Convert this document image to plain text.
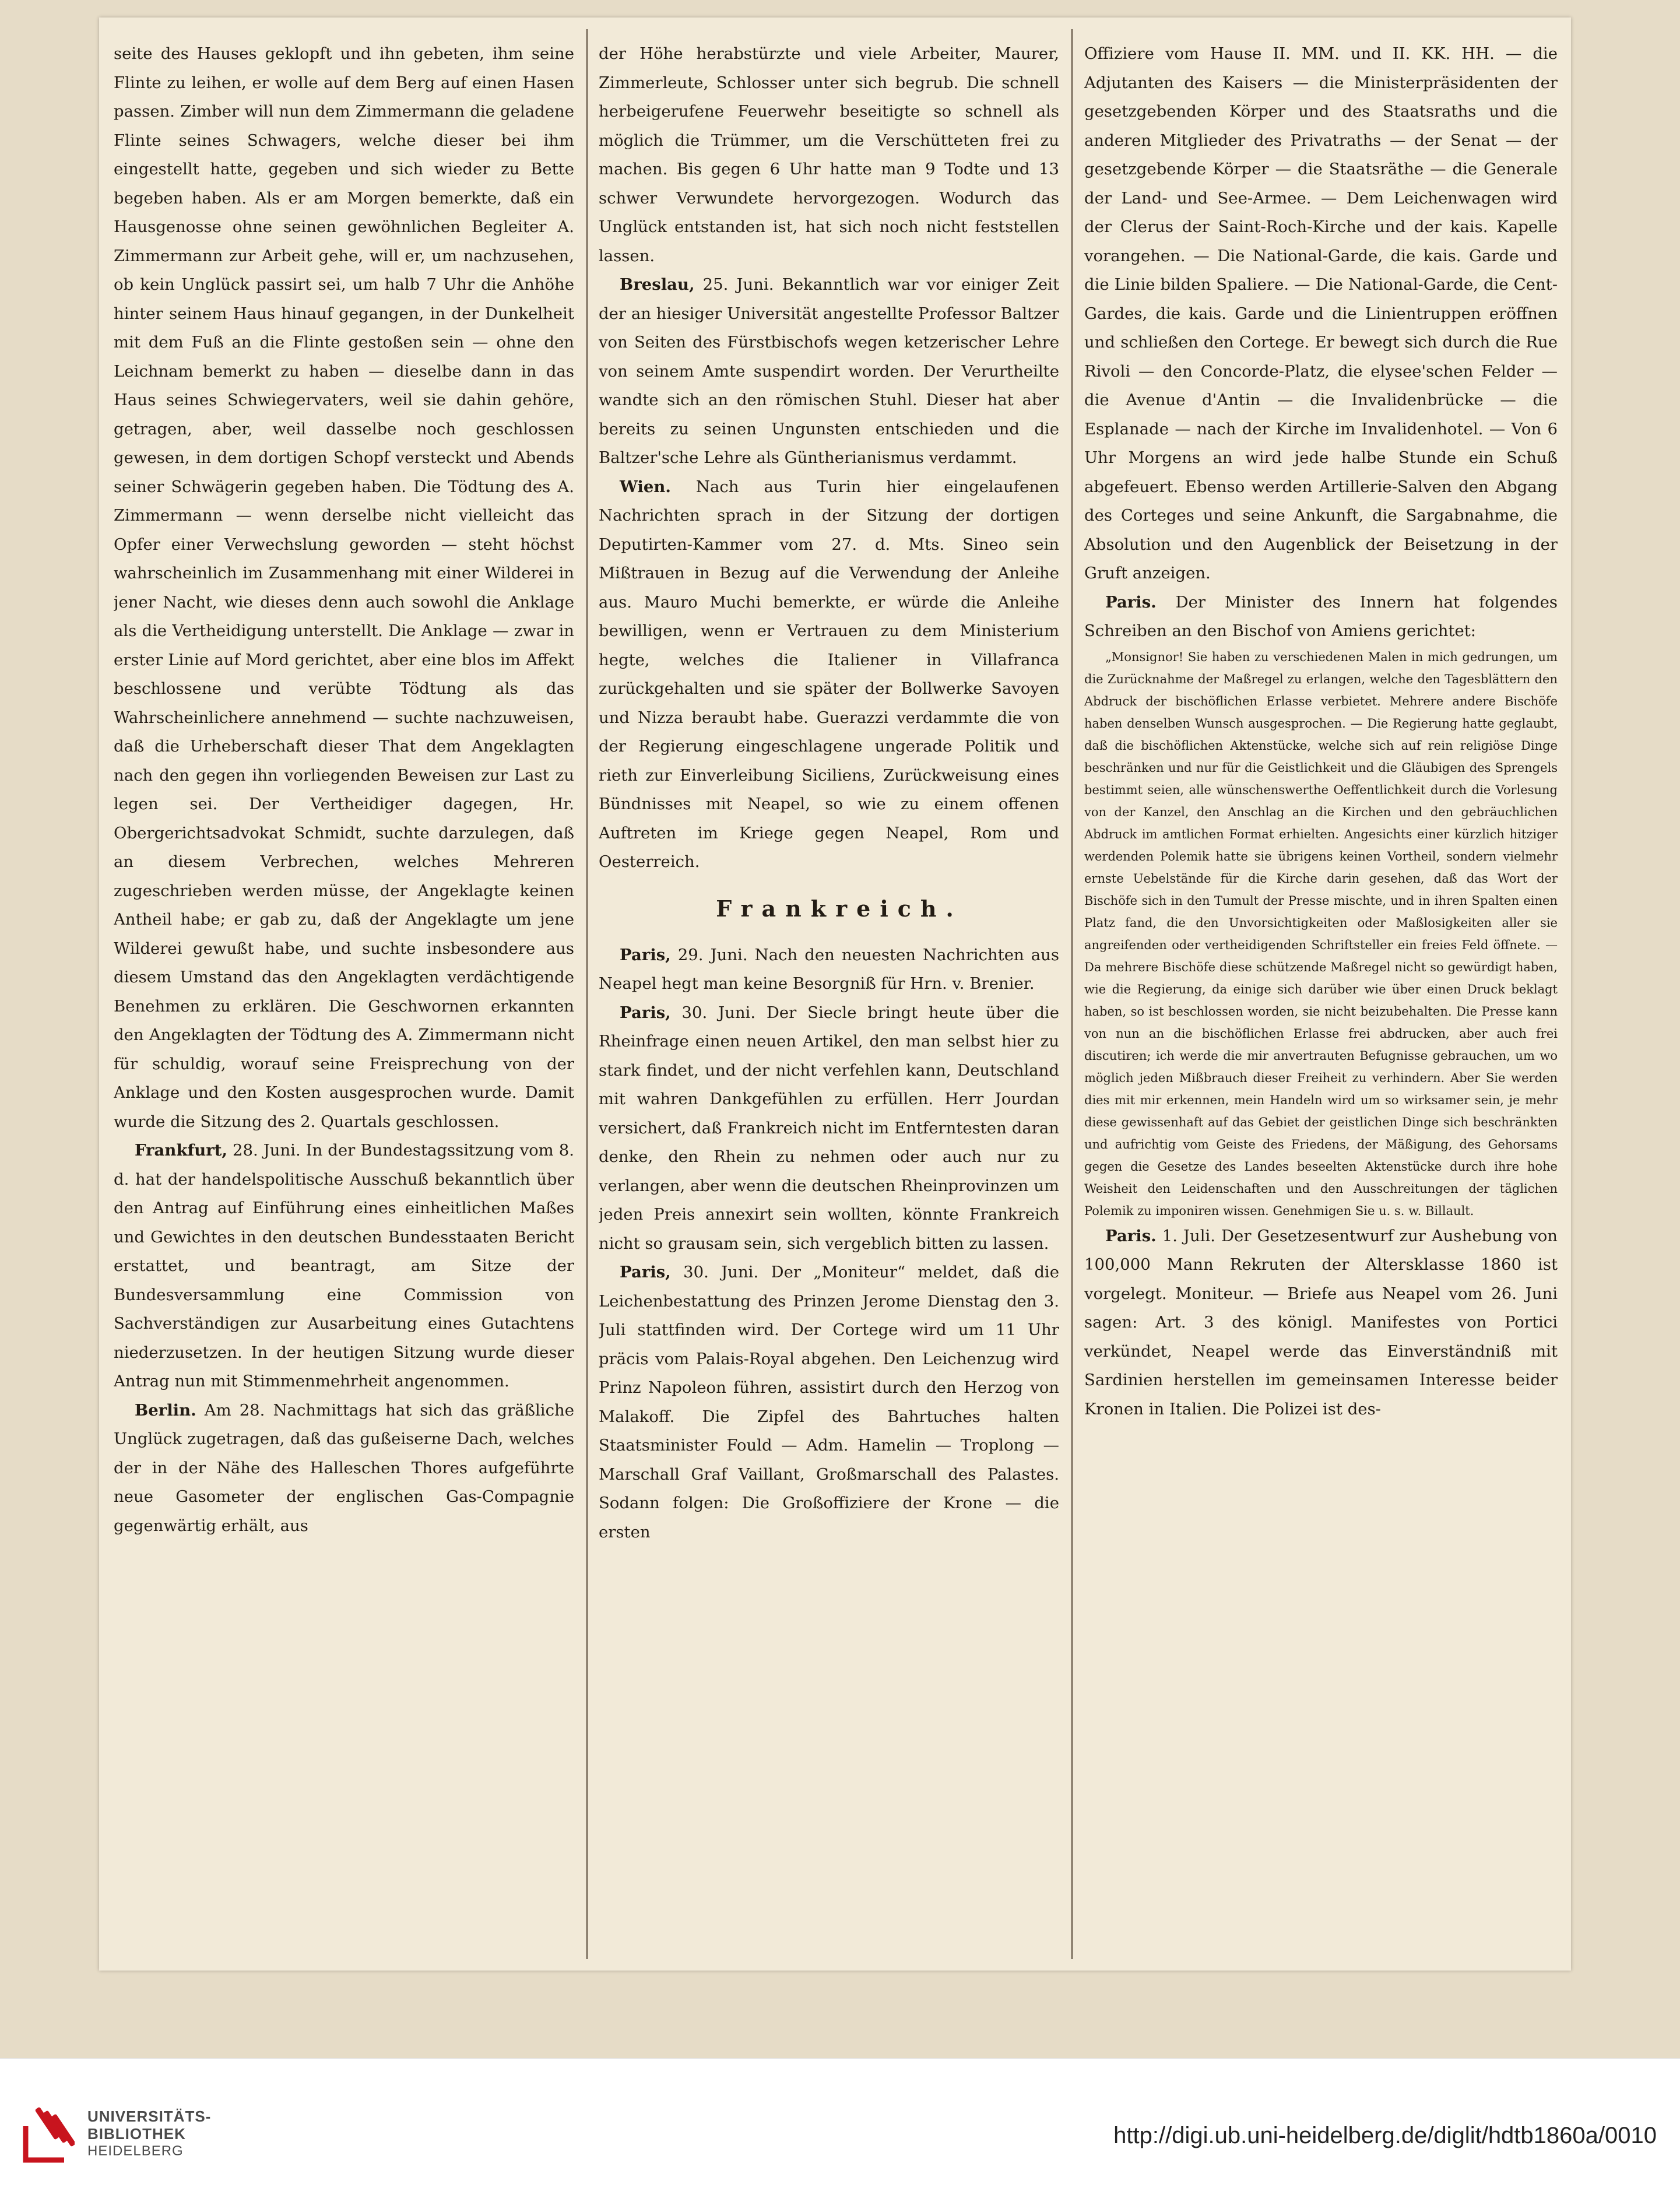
seite des Hauses geklopft und ihn gebeten, ihm seine Flinte zu leihen, er wolle auf dem Berg auf einen Hasen passen. Zimber will nun dem Zimmermann die geladene Flinte seines Schwagers, welche dieser bei ihm eingestellt hatte, gegeben und sich wieder zu Bette begeben haben. Als er am Morgen bemerkte, daß ein Hausgenosse ohne seinen gewöhnlichen Begleiter A. Zimmermann zur Arbeit gehe, will er, um nachzusehen, ob kein Unglück passirt sei, um halb 7 Uhr die Anhöhe hinter seinem Haus hinauf gegangen, in der Dunkelheit mit dem Fuß an die Flinte gestoßen sein — ohne den Leichnam bemerkt zu haben — dieselbe dann in das Haus seines Schwiegervaters, weil sie dahin gehöre, getragen, aber, weil dasselbe noch geschlossen gewesen, in dem dortigen Schopf versteckt und Abends seiner Schwägerin gegeben haben. Die Tödtung des A. Zimmermann — wenn derselbe nicht vielleicht das Opfer einer Verwechslung geworden — steht höchst wahrscheinlich im Zusammenhang mit einer Wilderei in jener Nacht, wie dieses denn auch sowohl die Anklage als die Vertheidigung unterstellt. Die Anklage — zwar in erster Linie auf Mord gerichtet, aber eine blos im Affekt beschlossene und verübte Tödtung als das Wahrscheinlichere annehmend — suchte nachzuweisen, daß die Urheberschaft dieser That dem Angeklagten nach den gegen ihn vorliegenden Beweisen zur Last zu legen sei. Der Vertheidiger dagegen, Hr. Obergerichtsadvokat Schmidt, suchte darzulegen, daß an diesem Verbrechen, welches Mehreren zugeschrieben werden müsse, der Angeklagte keinen Antheil habe; er gab zu, daß der Angeklagte um jene Wilderei gewußt habe, und suchte insbesondere aus diesem Umstand das den Angeklagten verdächtigende Benehmen zu erklären. Die Geschwornen erkannten den Angeklagten der Tödtung des A. Zimmermann nicht für schuldig, worauf seine Freisprechung von der Anklage und den Kosten ausgesprochen wurde. Damit wurde die Sitzung des 2. Quartals geschlossen.

Frankfurt, 28. Juni. In der Bundestagssitzung vom 8. d. hat der handelspolitische Ausschuß bekanntlich über den Antrag auf Einführung eines einheitlichen Maßes und Gewichtes in den deutschen Bundesstaaten Bericht erstattet, und beantragt, am Sitze der Bundesversammlung eine Commission von Sachverständigen zur Ausarbeitung eines Gutachtens niederzusetzen. In der heutigen Sitzung wurde dieser Antrag nun mit Stimmenmehrheit angenommen.

Berlin. Am 28. Nachmittags hat sich das gräßliche Unglück zugetragen, daß das gußeiserne Dach, welches der in der Nähe des Halleschen Thores aufgeführte neue Gasometer der englischen Gas-Compagnie gegenwärtig erhält, aus

der Höhe herabstürzte und viele Arbeiter, Maurer, Zimmerleute, Schlosser unter sich begrub. Die schnell herbeigerufene Feuerwehr beseitigte so schnell als möglich die Trümmer, um die Verschütteten frei zu machen. Bis gegen 6 Uhr hatte man 9 Todte und 13 schwer Verwundete hervorgezogen. Wodurch das Unglück entstanden ist, hat sich noch nicht feststellen lassen.

Breslau, 25. Juni. Bekanntlich war vor einiger Zeit der an hiesiger Universität angestellte Professor Baltzer von Seiten des Fürstbischofs wegen ketzerischer Lehre von seinem Amte suspendirt worden. Der Verurtheilte wandte sich an den römischen Stuhl. Dieser hat aber bereits zu seinen Ungunsten entschieden und die Baltzer'sche Lehre als Güntherianismus verdammt.

Wien. Nach aus Turin hier eingelaufenen Nachrichten sprach in der Sitzung der dortigen Deputirten-Kammer vom 27. d. Mts. Sineo sein Mißtrauen in Bezug auf die Verwendung der Anleihe aus. Mauro Muchi bemerkte, er würde die Anleihe bewilligen, wenn er Vertrauen zu dem Ministerium hegte, welches die Italiener in Villafranca zurückgehalten und sie später der Bollwerke Savoyen und Nizza beraubt habe. Guerazzi verdammte die von der Regierung eingeschlagene ungerade Politik und rieth zur Einverleibung Siciliens, Zurückweisung eines Bündnisses mit Neapel, so wie zu einem offenen Auftreten im Kriege gegen Neapel, Rom und Oesterreich.

Frankreich.

Paris, 29. Juni. Nach den neuesten Nachrichten aus Neapel hegt man keine Besorgniß für Hrn. v. Brenier.

Paris, 30. Juni. Der Siecle bringt heute über die Rheinfrage einen neuen Artikel, den man selbst hier zu stark findet, und der nicht verfehlen kann, Deutschland mit wahren Dankgefühlen zu erfüllen. Herr Jourdan versichert, daß Frankreich nicht im Entferntesten daran denke, den Rhein zu nehmen oder auch nur zu verlangen, aber wenn die deutschen Rheinprovinzen um jeden Preis annexirt sein wollten, könnte Frankreich nicht so grausam sein, sich vergeblich bitten zu lassen.

Paris, 30. Juni. Der „Moniteur“ meldet, daß die Leichenbestattung des Prinzen Jerome Dienstag den 3. Juli stattfinden wird. Der Cortege wird um 11 Uhr präcis vom Palais-Royal abgehen. Den Leichenzug wird Prinz Napoleon führen, assistirt durch den Herzog von Malakoff. Die Zipfel des Bahrtuches halten Staatsminister Fould — Adm. Hamelin — Troplong — Marschall Graf Vaillant, Großmarschall des Palastes. Sodann folgen: Die Großoffiziere der Krone — die ersten

Offiziere vom Hause II. MM. und II. KK. HH. — die Adjutanten des Kaisers — die Ministerpräsidenten der gesetzgebenden Körper und des Staatsraths und die anderen Mitglieder des Privatraths — der Senat — der gesetzgebende Körper — die Staatsräthe — die Generale der Land- und See-Armee. — Dem Leichenwagen wird der Clerus der Saint-Roch-Kirche und der kais. Kapelle vorangehen. — Die National-Garde, die kais. Garde und die Linie bilden Spaliere. — Die National-Garde, die Cent-Gardes, die kais. Garde und die Linientruppen eröffnen und schließen den Cortege. Er bewegt sich durch die Rue Rivoli — den Concorde-Platz, die elysee'schen Felder — die Avenue d'Antin — die Invalidenbrücke — die Esplanade — nach der Kirche im Invalidenhotel. — Von 6 Uhr Morgens an wird jede halbe Stunde ein Schuß abgefeuert. Ebenso werden Artillerie-Salven den Abgang des Corteges und seine Ankunft, die Sargabnahme, die Absolution und den Augenblick der Beisetzung in der Gruft anzeigen.

Paris. Der Minister des Innern hat folgendes Schreiben an den Bischof von Amiens gerichtet:

„Monsignor! Sie haben zu verschiedenen Malen in mich gedrungen, um die Zurücknahme der Maßregel zu erlangen, welche den Tagesblättern den Abdruck der bischöflichen Erlasse verbietet. Mehrere andere Bischöfe haben denselben Wunsch ausgesprochen. — Die Regierung hatte geglaubt, daß die bischöflichen Aktenstücke, welche sich auf rein religiöse Dinge beschränken und nur für die Geistlichkeit und die Gläubigen des Sprengels bestimmt seien, alle wünschenswerthe Oeffentlichkeit durch die Vorlesung von der Kanzel, den Anschlag an die Kirchen und den gebräuchlichen Abdruck im amtlichen Format erhielten. Angesichts einer kürzlich hitziger werdenden Polemik hatte sie übrigens keinen Vortheil, sondern vielmehr ernste Uebelstände für die Kirche darin gesehen, daß das Wort der Bischöfe sich in den Tumult der Presse mischte, und in ihren Spalten einen Platz fand, die den Unvorsichtigkeiten oder Maßlosigkeiten aller sie angreifenden oder vertheidigenden Schriftsteller ein freies Feld öffnete. — Da mehrere Bischöfe diese schützende Maßregel nicht so gewürdigt haben, wie die Regierung, da einige sich darüber wie über einen Druck beklagt haben, so ist beschlossen worden, sie nicht beizubehalten. Die Presse kann von nun an die bischöflichen Erlasse frei abdrucken, aber auch frei discutiren; ich werde die mir anvertrauten Befugnisse gebrauchen, um wo möglich jeden Mißbrauch dieser Freiheit zu verhindern. Aber Sie werden dies mit mir erkennen, mein Handeln wird um so wirksamer sein, je mehr diese gewissenhaft auf das Gebiet der geistlichen Dinge sich beschränkten und aufrichtig vom Geiste des Friedens, der Mäßigung, des Gehorsams gegen die Gesetze des Landes beseelten Aktenstücke durch ihre hohe Weisheit den Leidenschaften und den Ausschreitungen der täglichen Polemik zu imponiren wissen. Genehmigen Sie u. s. w. Billault.

Paris. 1. Juli. Der Gesetzesentwurf zur Aushebung von 100,000 Mann Rekruten der Altersklasse 1860 ist vorgelegt. Moniteur. — Briefe aus Neapel vom 26. Juni sagen: Art. 3 des königl. Manifestes von Portici verkündet, Neapel werde das Einverständniß mit Sardinien herstellen im gemeinsamen Interesse beider Kronen in Italien. Die Polizei ist des-

UNIVERSITÄTS-
BIBLIOTHEK
HEIDELBERG
http://digi.ub.uni-heidelberg.de/diglit/hdtb1860a/0010
